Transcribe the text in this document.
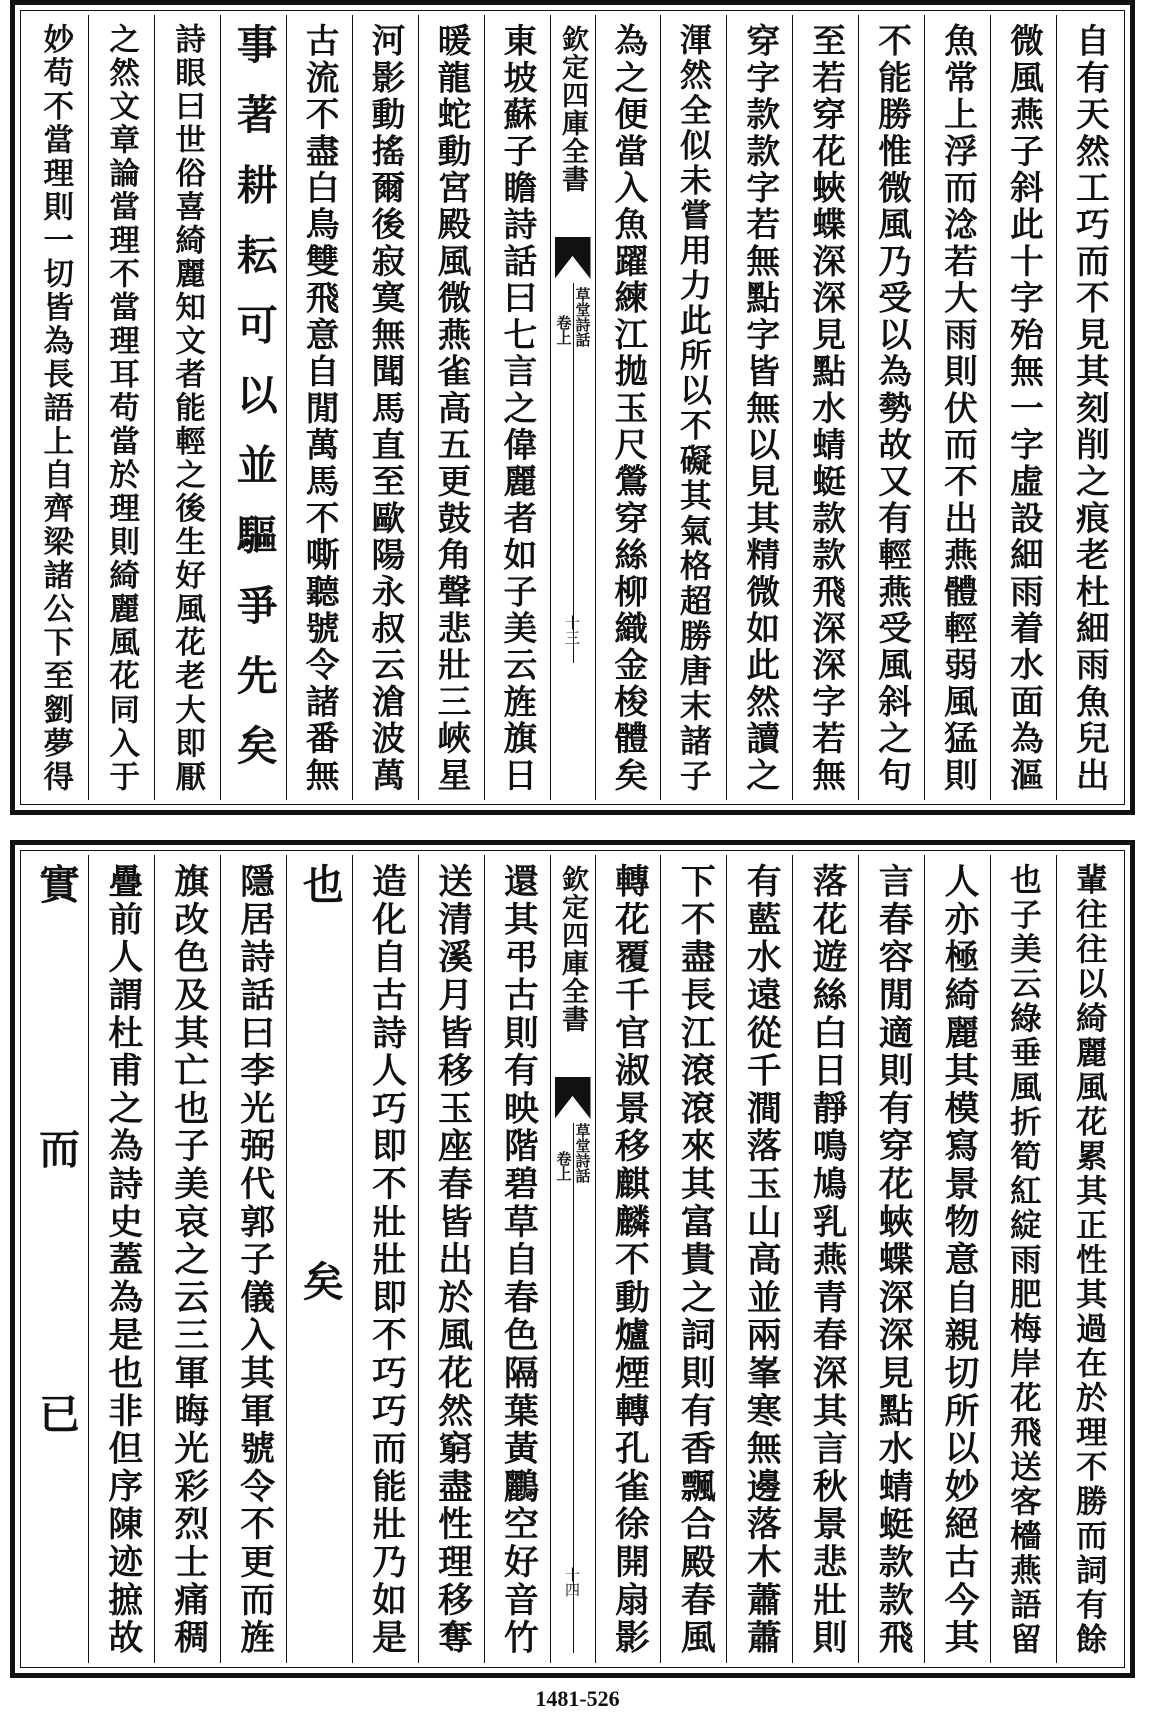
自有天然工巧而不見其刻削之痕老杜細雨魚兒出
微風燕子斜此十字殆無一字虛設細雨着水面為漚
魚常上浮而淰若大雨則伏而不出燕體輕弱風猛則
不能勝惟微風乃受以為勢故又有輕燕受風斜之句
至若穿花蛺蝶深深見點水蜻蜓款款飛深深字若無
穿字款款字若無點字皆無以見其精微如此然讀之
渾然全似未嘗用力此所以不礙其氣格超勝唐末諸子
為之便當入魚躍練江拋玉尺鶯穿絲柳織金梭體矣
欽定四庫全書
草堂詩話
卷上
十三
東坡蘇子瞻詩話曰七言之偉麗者如子美云旌旗日
暖龍蛇動宮殿風微燕雀高五更鼓角聲悲壯三峽星
河影動搖爾後寂寞無聞馬直至歐陽永叔云滄波萬
古流不盡白鳥雙飛意自閒萬馬不嘶聽號令諸番無
事著耕耘可以並驅爭先矣
詩眼曰世俗喜綺麗知文者能輕之後生好風花老大即厭
之然文章論當理不當理耳苟當於理則綺麗風花同入于
妙苟不當理則一切皆為長語上自齊梁諸公下至劉夢得
輩往往以綺麗風花累其正性其過在於理不勝而詞有餘
也子美云綠垂風折筍紅綻雨肥梅岸花飛送客檣燕語留
人亦極綺麗其模寫景物意自親切所以妙絕古今其
言春容閒適則有穿花蛺蝶深深見點水蜻蜓款款飛
落花遊絲白日靜鳴鳩乳燕青春深其言秋景悲壯則
有藍水遠從千澗落玉山高並兩峯寒無邊落木蕭蕭
下不盡長江滾滾來其富貴之詞則有香飄合殿春風
轉花覆千官淑景移麒麟不動爐煙轉孔雀徐開扇影
欽定四庫全書
草堂詩話
卷上
十四
還其弔古則有映階碧草自春色隔葉黃鸝空好音竹
送清溪月皆移玉座春皆出於風花然窮盡性理移奪
造化自古詩人巧即不壯壯即不巧巧而能壯乃如是
也矣
隱居詩話曰李光弼代郭子儀入其軍號令不更而旌
旗改色及其亡也子美哀之云三軍晦光彩烈士痛稠
疊前人謂杜甫之為詩史蓋為是也非但序陳迹摭故
實而已
1481-526
